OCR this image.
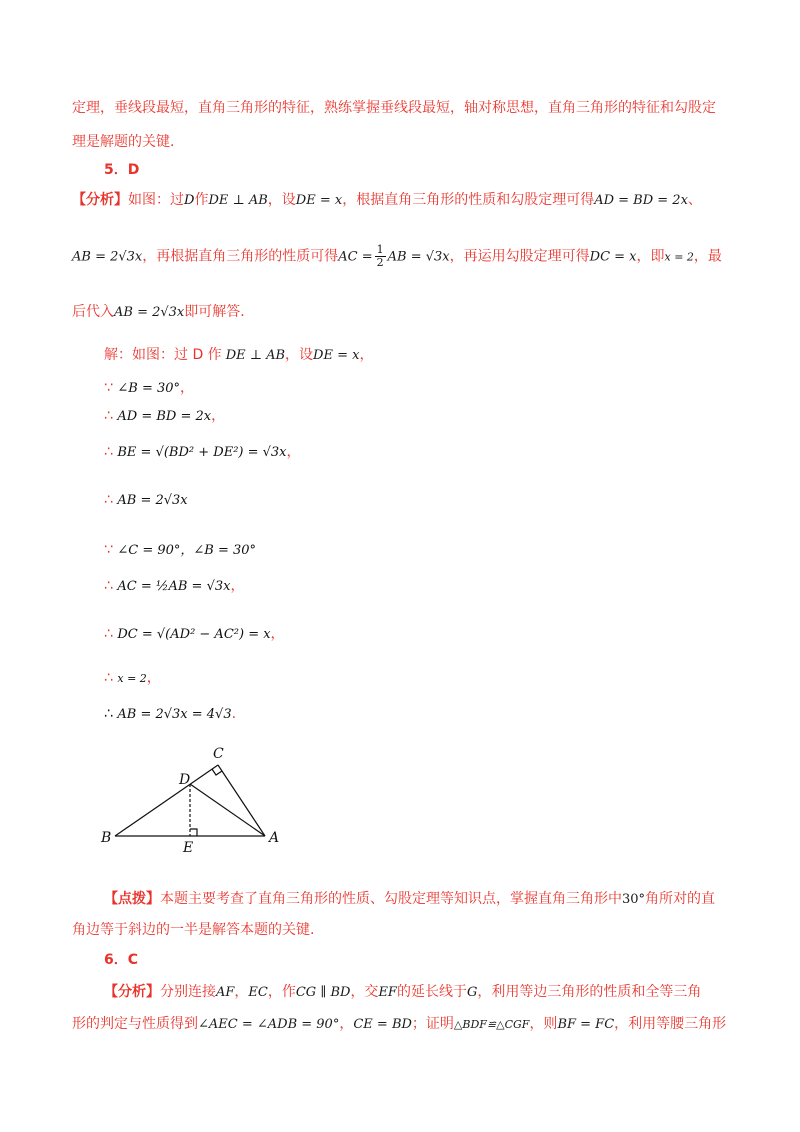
定理，垂线段最短，直角三角形的特征，熟练掌握垂线段最短，轴对称思想，直角三角形的特征和勾股定
理是解题的关键.
5．D
【分析】如图：过D作DE ⊥ AB，设DE = x，根据直角三角形的性质和勾股定理可得AD = BD = 2x、
AB = 2√3x，再根据直角三角形的性质可得AC = $\frac{1}{2}$ AB = √3x，再运用勾股定理可得DC = x，即x = 2，最
后代入AB = 2√3x即可解答.
解：如图：过 D 作 DE ⊥ AB，设DE = x，
∵ ∠B = 30°，
∴ AD = BD = 2x，
∴ BE = √(BD² + DE²) = √3x，
∴ AB = 2√3x
∵ ∠C = 90°，∠B = 30°
∴ AC = ½AB = √3x，
∴ DC = √(AD² − AC²) = x，
∴ x = 2，
∴ AB = 2√3x = 4√3.
B	A
C
D
E
【点拨】本题主要考查了直角三角形的性质、勾股定理等知识点，掌握直角三角形中30°角所对的直
角边等于斜边的一半是解答本题的关键.
6．C
【分析】分别连接AF，EC，作CG ∥ BD，交EF的延长线于G，利用等边三角形的性质和全等三角
形的判定与性质得到∠AEC = ∠ADB = 90°，CE = BD；证明△BDF≌△CGF，则BF = FC，利用等腰三角形
